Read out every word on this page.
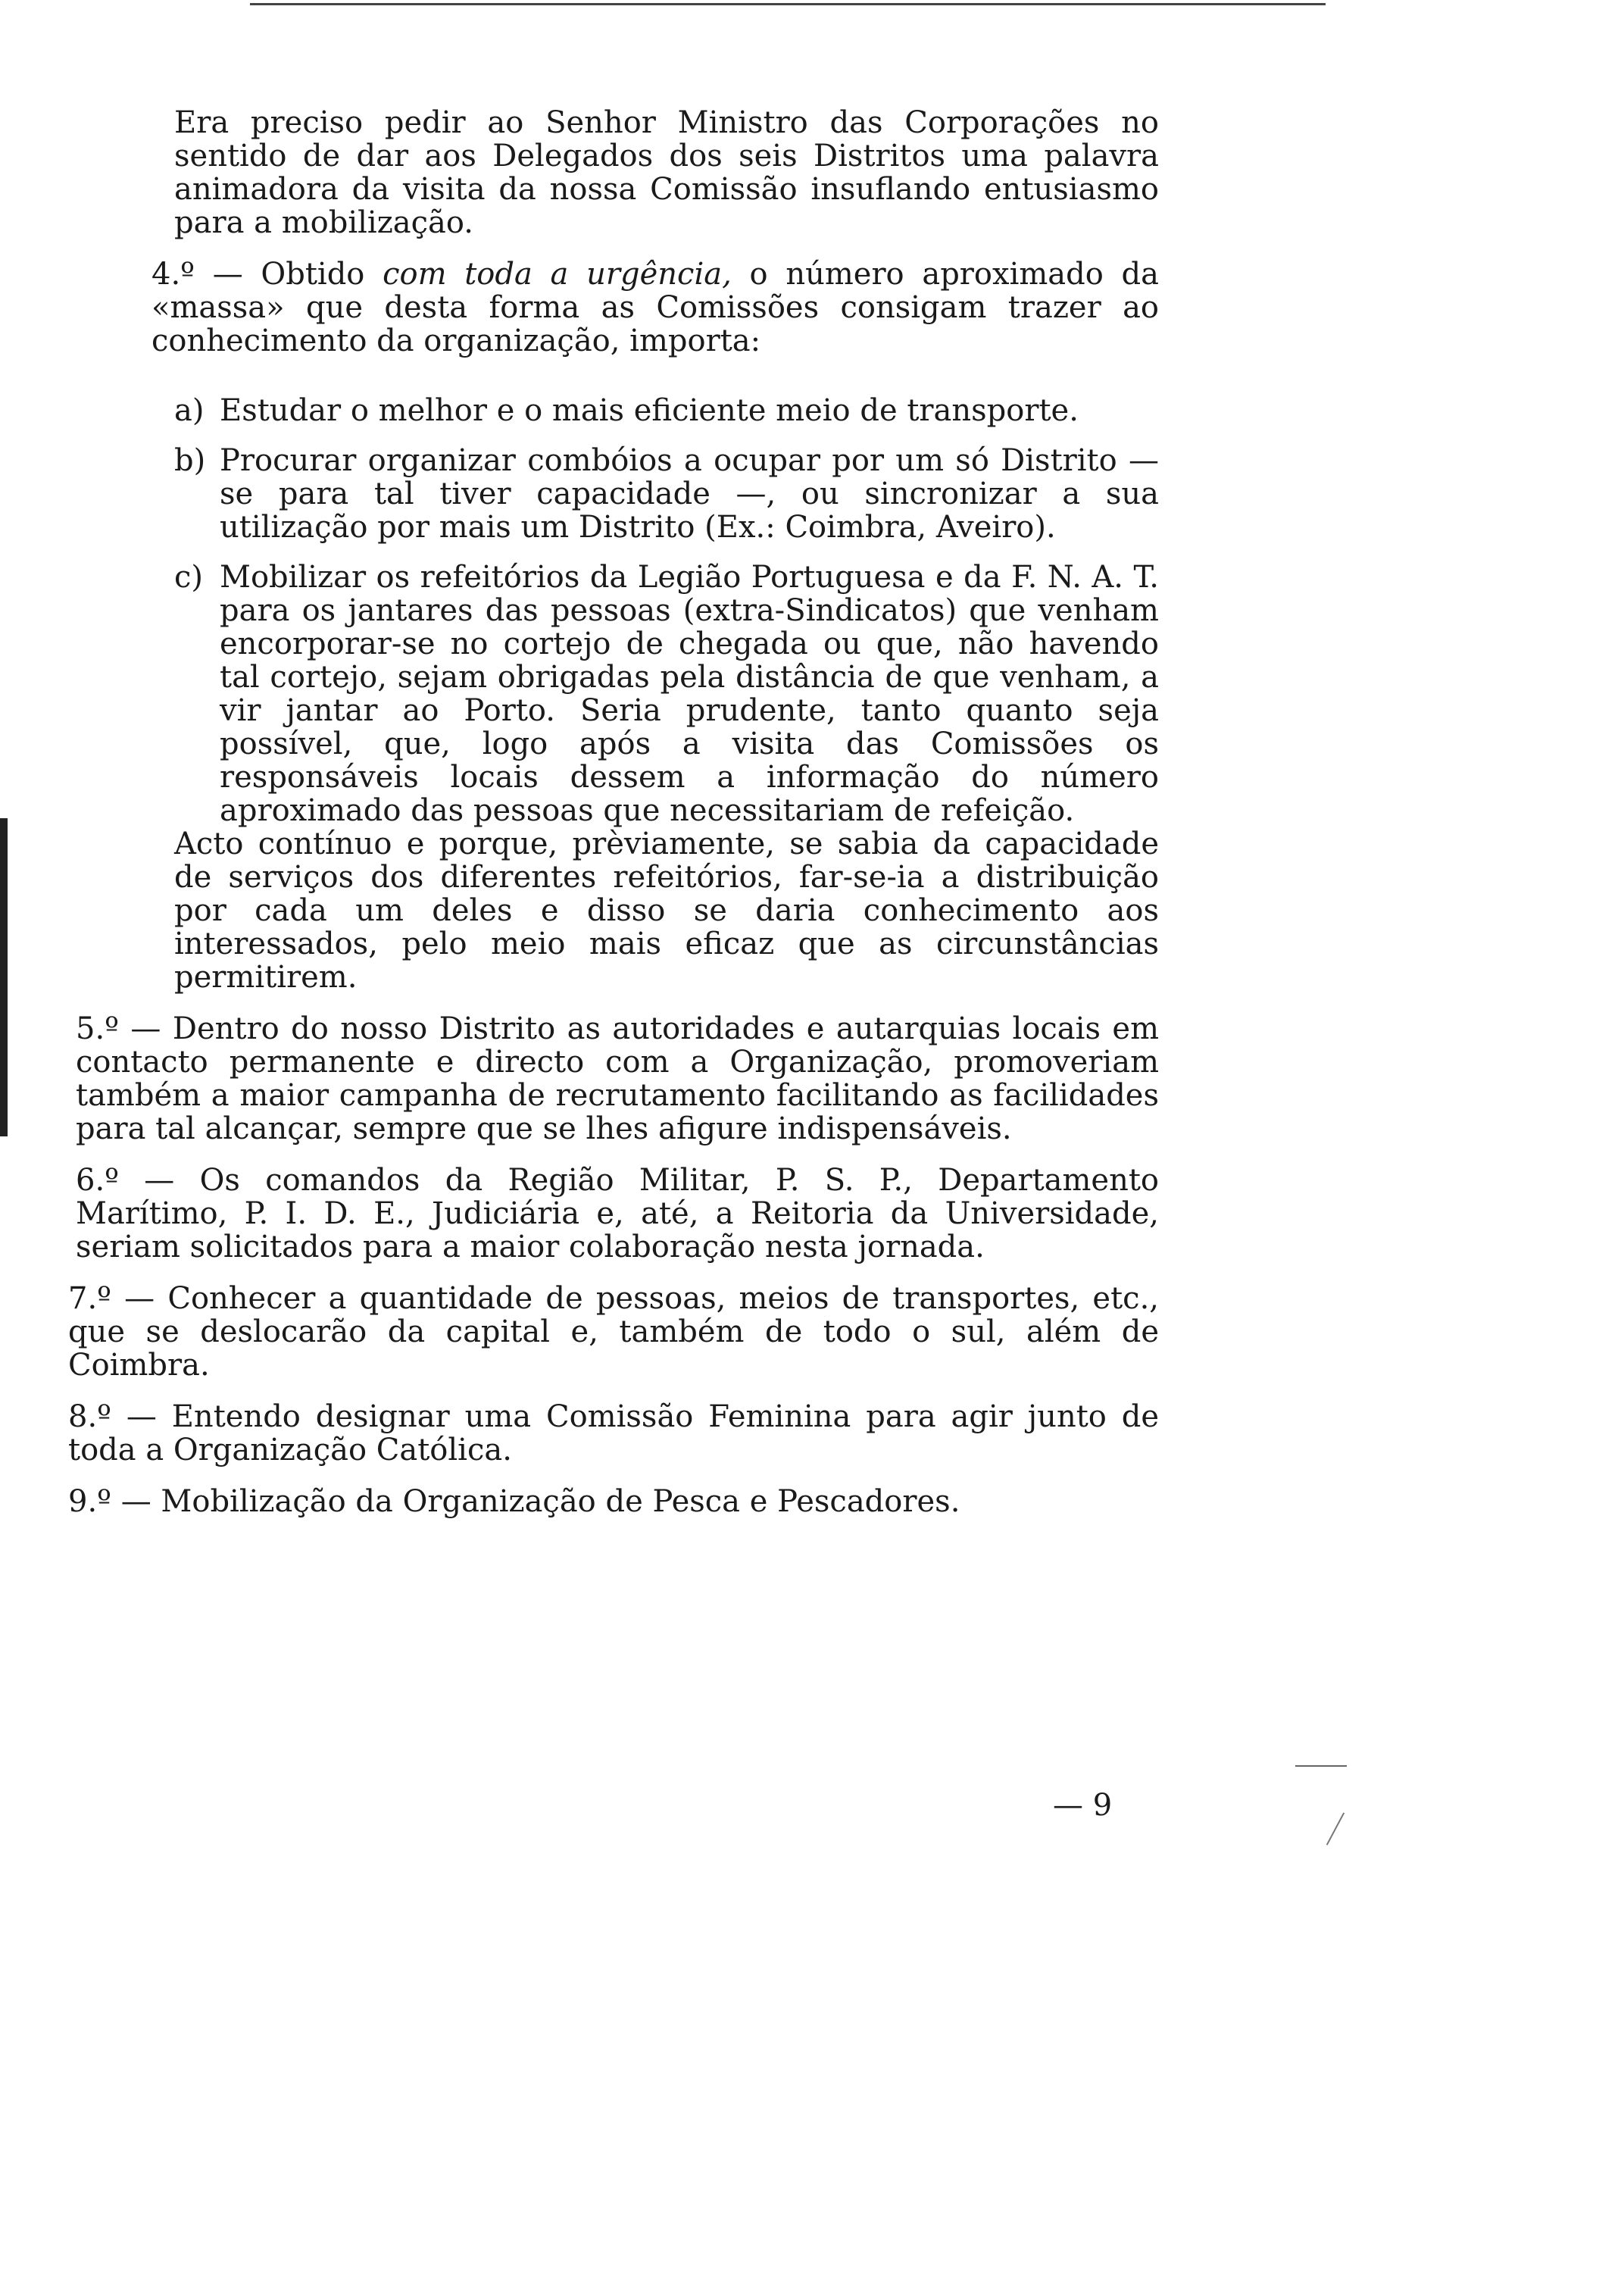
Era preciso pedir ao Senhor Ministro das Corporações no sentido de dar aos Delegados dos seis Distritos uma palavra animadora da visita da nossa Comissão insuflando entusiasmo para a mobilização.
4.º — Obtido com toda a urgência, o número aproximado da «massa» que desta forma as Comissões consigam trazer ao conhecimento da organização, importa:
a) Estudar o melhor e o mais eficiente meio de transporte.
b) Procurar organizar combóios a ocupar por um só Distrito — se para tal tiver capacidade —, ou sincronizar a sua utilização por mais um Distrito (Ex.: Coimbra, Aveiro).
c) Mobilizar os refeitórios da Legião Portuguesa e da F. N. A. T. para os jantares das pessoas (extra-Sindicatos) que venham encorporar-se no cortejo de chegada ou que, não havendo tal cortejo, sejam obrigadas pela distância de que venham, a vir jantar ao Porto. Seria prudente, tanto quanto seja possível, que, logo após a visita das Comissões os responsáveis locais dessem a informação do número aproximado das pessoas que necessitariam de refeição.
Acto contínuo e porque, prèviamente, se sabia da capacidade de serviços dos diferentes refeitórios, far-se-ia a distribuição por cada um deles e disso se daria conhecimento aos interessados, pelo meio mais eficaz que as circunstâncias permitirem.
5.º — Dentro do nosso Distrito as autoridades e autarquias locais em contacto permanente e directo com a Organização, promoveriam também a maior campanha de recrutamento facilitando as facilidades para tal alcançar, sempre que se lhes afigure indispensáveis.
6.º — Os comandos da Região Militar, P. S. P., Departamento Marítimo, P. I. D. E., Judiciária e, até, a Reitoria da Universidade, seriam solicitados para a maior colaboração nesta jornada.
7.º — Conhecer a quantidade de pessoas, meios de transportes, etc., que se deslocarão da capital e, também de todo o sul, além de Coimbra.
8.º — Entendo designar uma Comissão Feminina para agir junto de toda a Organização Católica.
9.º — Mobilização da Organização de Pesca e Pescadores.
— 9
